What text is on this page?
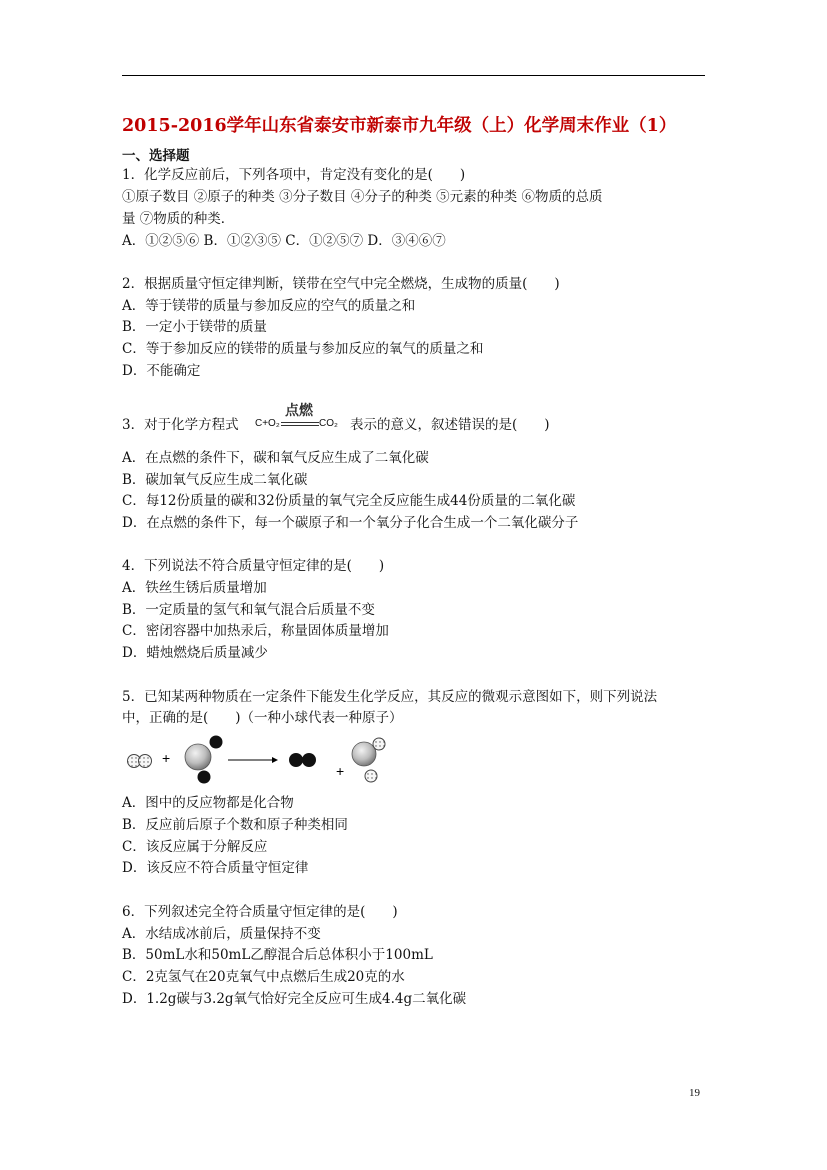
2015-2016学年山东省泰安市新泰市九年级（上）化学周末作业（1）
一、选择题
1．化学反应前后，下列各项中，肯定没有变化的是(　　)
①原子数目 ②原子的种类 ③分子数目 ④分子的种类 ⑤元素的种类 ⑥物质的总质
量 ⑦物质的种类．
A．①②⑤⑥ B．①②③⑤ C．①②⑤⑦ D．③④⑥⑦
2．根据质量守恒定律判断，镁带在空气中完全燃烧，生成物的质量(　　)
A．等于镁带的质量与参加反应的空气的质量之和
B．一定小于镁带的质量
C．等于参加反应的镁带的质量与参加反应的氧气的质量之和
D．不能确定
3．对于化学方程式
点燃
C+O₂	CO₂ 表示的意义，叙述错误的是(　　)
A．在点燃的条件下，碳和氧气反应生成了二氧化碳
B．碳加氧气反应生成二氧化碳
C．每12份质量的碳和32份质量的氧气完全反应能生成44份质量的二氧化碳
D．在点燃的条件下，每一个碳原子和一个氧分子化合生成一个二氧化碳分子
4．下列说法不符合质量守恒定律的是(　　)
A．铁丝生锈后质量增加
B．一定质量的氢气和氧气混合后质量不变
C．密闭容器中加热汞后，称量固体质量增加
D．蜡烛燃烧后质量减少
5．已知某两种物质在一定条件下能发生化学反应，其反应的微观示意图如下，则下列说法
中，正确的是(　　)（一种小球代表一种原子）
+
+
A．图中的反应物都是化合物
B．反应前后原子个数和原子种类相同
C．该反应属于分解反应
D．该反应不符合质量守恒定律
6．下列叙述完全符合质量守恒定律的是(　　)
A．水结成冰前后，质量保持不变
B．50mL水和50mL乙醇混合后总体积小于100mL
C．2克氢气在20克氧气中点燃后生成20克的水
D．1.2g碳与3.2g氧气恰好完全反应可生成4.4g二氧化碳
19
